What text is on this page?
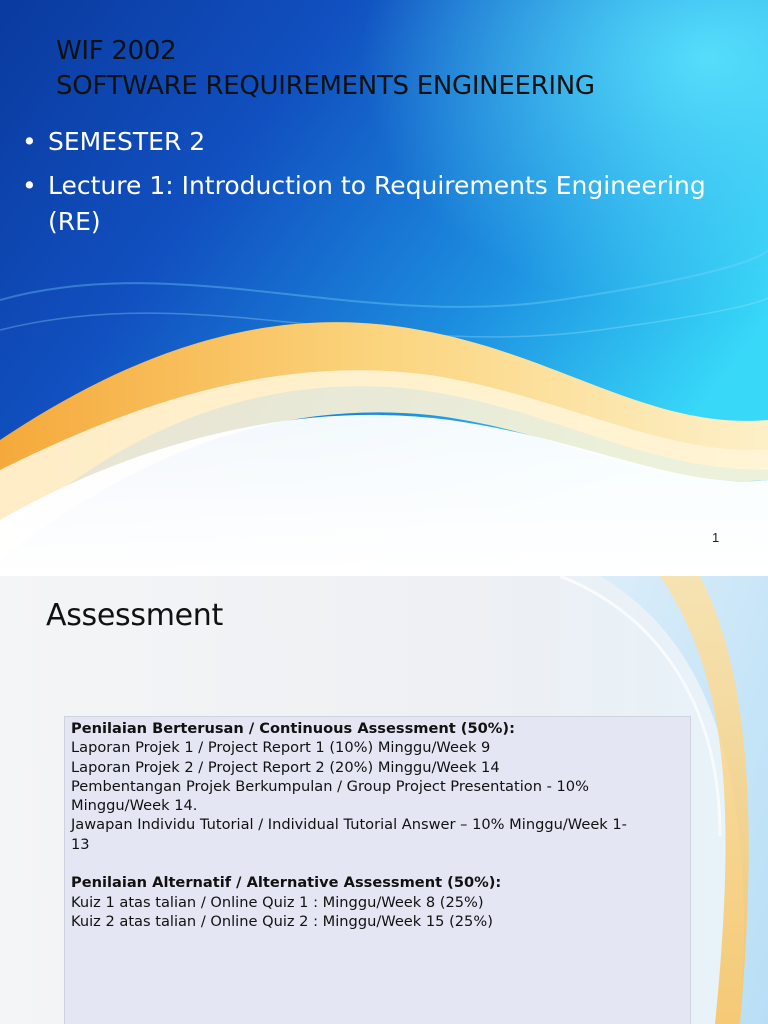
WIF 2002
SOFTWARE REQUIREMENTS ENGINEERING
• SEMESTER 2
• Lecture 1: Introduction to Requirements Engineering (RE)
1
Assessment
Penilaian Berterusan / Continuous Assessment (50%):
Laporan Projek 1 / Project Report 1 (10%) Minggu/Week 9
Laporan Projek 2 / Project Report 2 (20%) Minggu/Week 14
Pembentangan Projek Berkumpulan / Group Project Presentation - 10%
Minggu/Week 14.
Jawapan Individu Tutorial / Individual Tutorial Answer – 10% Minggu/Week 1-
13
Penilaian Alternatif / Alternative Assessment (50%):
Kuiz 1 atas talian / Online Quiz 1 : Minggu/Week 8 (25%)
Kuiz 2 atas talian / Online Quiz 2 : Minggu/Week 15 (25%)
